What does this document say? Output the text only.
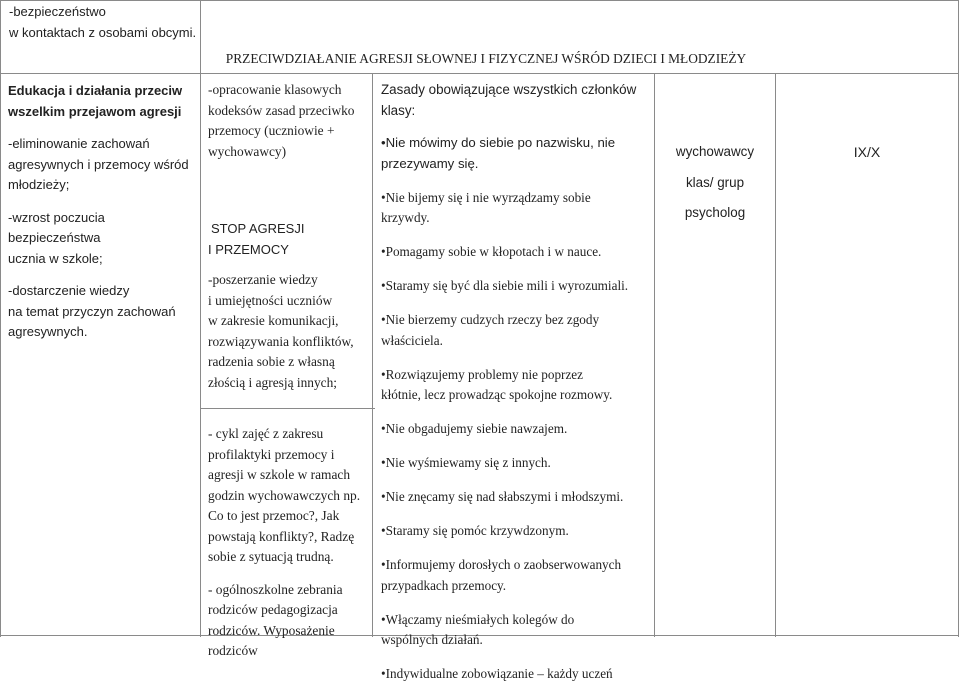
-bezpieczeństwo
w kontaktach z osobami obcymi.
PRZECIWDZIAŁANIE AGRESJI SŁOWNEJ I FIZYCZNEJ WŚRÓD DZIECI I MŁODZIEŻY
Edukacja i działania przeciw
wszelkim przejawom agresji
-eliminowanie zachowań
agresywnych i przemocy wśród
młodzieży;
-wzrost poczucia bezpieczeństwa
ucznia w szkole;
-dostarczenie wiedzy
na temat przyczyn zachowań
agresywnych.
-opracowanie klasowych
kodeksów zasad przeciwko
przemocy (uczniowie +
wychowawcy)
STOP AGRESJI
I PRZEMOCY
-poszerzanie wiedzy
i umiejętności uczniów
w zakresie komunikacji,
rozwiązywania konfliktów,
radzenia sobie z własną
złością i agresją innych;
- cykl zajęć z zakresu
profilaktyki przemocy i
agresji w szkole w ramach
godzin wychowawczych np.
Co to jest przemoc?, Jak
powstają konflikty?, Radzę
sobie z sytuacją trudną.
- ogólnoszkolne zebrania
rodziców pedagogizacja
rodziców. Wyposażenie
rodziców
Zasady obowiązujące wszystkich członków
klasy:
• Nie mówimy do siebie po nazwisku, nie
przezywamy się.
• Nie bijemy się i nie wyrządzamy sobie
krzywdy.
• Pomagamy sobie w kłopotach i w nauce.
• Staramy się być dla siebie mili i wyrozumiali.
• Nie bierzemy cudzych rzeczy bez zgody
właściciela.
• Rozwiązujemy problemy nie poprzez
kłótnie, lecz prowadząc spokojne rozmowy.
• Nie obgadujemy siebie nawzajem.
• Nie wyśmiewamy się z innych.
• Nie znęcamy się nad słabszymi i młodszymi.
• Staramy się pomóc krzywdzonym.
• Informujemy dorosłych o zaobserwowanych
przypadkach przemocy.
• Włączamy nieśmiałych kolegów do
wspólnych działań.
• Indywidualne zobowiązanie – każdy uczeń
wychowawcy
klas/ grup
psycholog
IX/X
